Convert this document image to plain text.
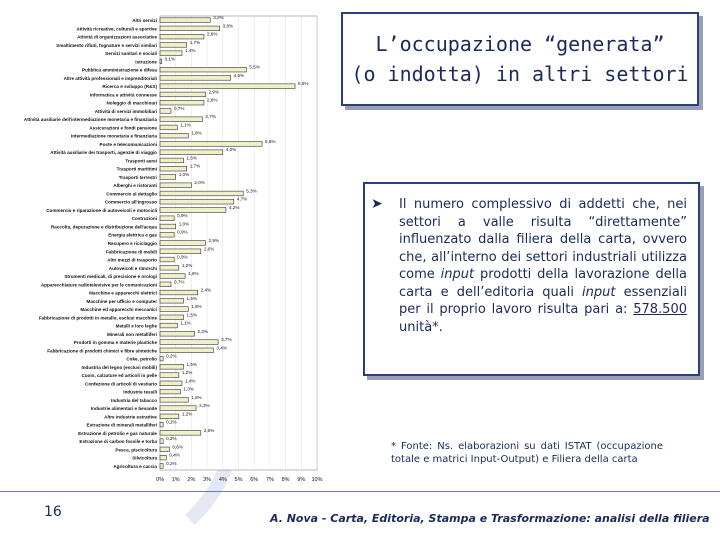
0% 1% 2% 3% 4% 5% 6% 7% 8% 9% 10%
Altri servizi
3,2%
Attività ricreative, culturali e sportive
3,8%
Attività di organizzazioni associative
2,8%
Smaltimento rifiuti, fognature e servizi similari
1,7%
Servizi sanitari e sociali
1,4%
Istruzione
0,1%
Pubblica amministrazione e difesa
5,5%
Altre attività professionali e imprenditoriali
4,5%
Ricerca e sviluppo (R&S)
8,6%
Informatica e attività connesse
2,9%
Noleggio di macchinari
2,8%
Attività di servizi immobiliari
0,7%
Attività ausiliarie dell'intermediazione monetaria e finanziaria
2,7%
Assicurazioni e fondi pensione
1,1%
Intermediazione monetaria e finanziaria
1,8%
Poste e telecomunicazioni
6,5%
Attività ausiliarie dei trasporti, agenzie di viaggio
4,0%
Trasporti aerei
1,5%
Trasporti marittimi
1,7%
Trasporti terrestri
1,0%
Alberghi e ristoranti
2,0%
Commercio al dettaglio
5,3%
Commercio all'ingrosso
4,7%
Commercio e riparazione di autoveicoli e motocicli
4,2%
Costruzioni
0,9%
Raccolta, depurazione e distribuzione dell'acqua
1,0%
Energia elettrica e gas
0,9%
Recupero e riciclaggio
2,9%
Fabbricazione di mobili
2,6%
Altri mezzi di trasporto
0,9%
Autoveicoli e rimorchi
1,2%
Strumenti medicali, di precisione e orologi
1,6%
Apparecchiature radiotelevisive per le comunicazioni
0,7%
Macchine e apparecchi elettrici
2,4%
Macchine per ufficio e computer
1,5%
Macchine ed apparecchi meccanici
1,8%
Fabbricazione di prodotti in metallo, esclusi macchine
1,5%
Metalli e loro leghe
1,1%
Minerali non metalliferi
2,2%
Prodotti in gomma e materie plastiche
3,7%
Fabbricazione di prodotti chimici e fibre sintetiche
3,4%
Coke, petrolio
0,2%
Industria del legno (esclusi mobili)
1,5%
Cuoio, calzature ed articoli in pelle
1,2%
Confezione di articoli di vestiario
1,4%
Industrie tessili
1,3%
Industria del tabacco
1,8%
Industrie alimentari e bevande
2,3%
Altre industrie estrattive
1,2%
Estrazione di minerali metalliferi
0,2%
Estrazione di petrolio e gas naturale
2,6%
Estrazione di carbon fossile e torba
0,2%
Pesca, piscicoltura
0,6%
Silvicoltura
0,4%
Agricoltura e caccia
0,2%
L’occupazione “generata”
(o indotta) in altri settori
➤ Il numero complessivo di addetti che, nei settori a valle risulta “direttamente” influenzato dalla filiera della carta, ovvero che, all’interno dei settori industriali utilizza come input prodotti della lavorazione della carta e dell’editoria quali input essenziali per il proprio lavoro risulta pari a: 578.500 unità*.
* Fonte: Ns. elaborazioni su dati ISTAT (occupazione totale e matrici Input-Output) e Filiera della carta
16	A. Nova - Carta, Editoria, Stampa e Trasformazione: analisi della filiera
